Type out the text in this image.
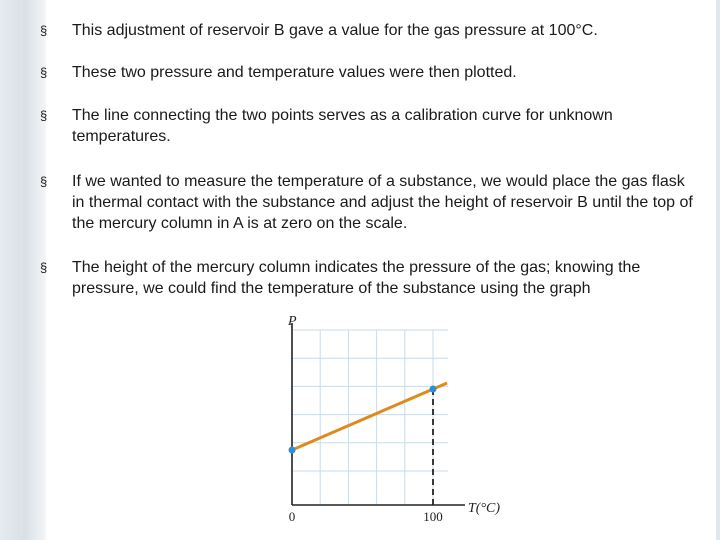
§ This adjustment of reservoir B gave a value for the gas pressure at 100°C.
§ These two pressure and temperature values were then plotted.
§ The line connecting the two points serves as a calibration curve for unknown temperatures.
§ If we wanted to measure the temperature of a substance, we would place the gas flask in thermal contact with the substance and adjust the height of reservoir B until the top of the mercury column in A is at zero on the scale.
§ The height of the mercury column indicates the pressure of the gas; knowing the pressure, we could find the temperature of the substance using the graph
P
T(°C)
0	100
